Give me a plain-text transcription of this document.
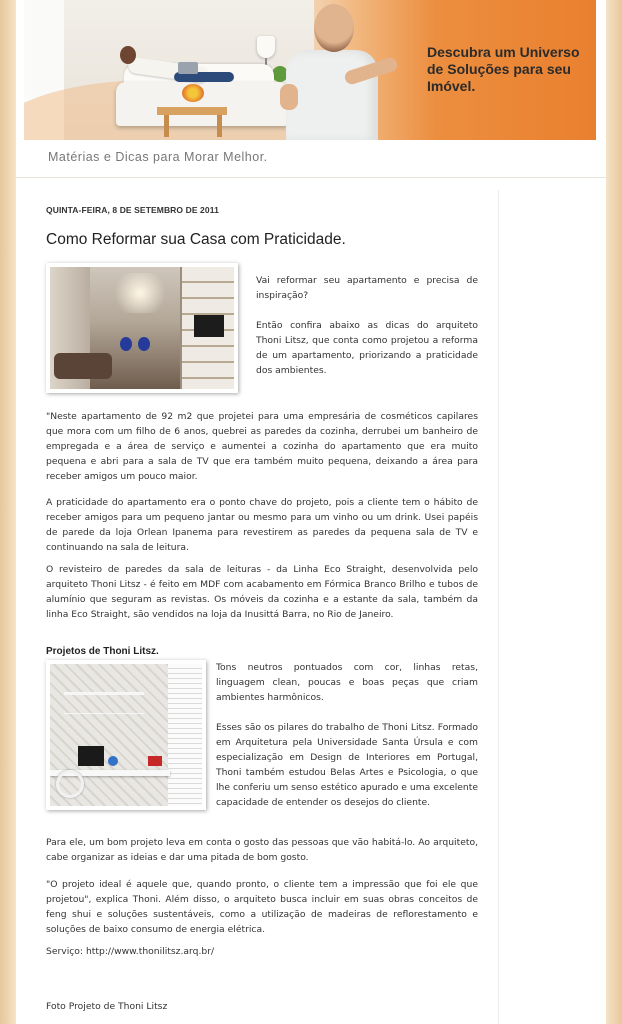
Descubra um Universo
de Soluções para seu
Imóvel.
Matérias e Dicas para Morar Melhor.
QUINTA-FEIRA, 8 DE SETEMBRO DE 2011
Como Reformar sua Casa com Praticidade.

Vai reformar seu apartamento e precisa de inspiração?

Então confira abaixo as dicas do arquiteto Thoni Litsz, que conta como projetou a reforma de um apartamento, priorizando a praticidade dos ambientes.

"Neste apartamento de 92 m2 que projetei para uma empresária de cosméticos capilares que mora com um filho de 6 anos, quebrei as paredes da cozinha, derrubei um banheiro de empregada e a área de serviço e aumentei a cozinha do apartamento que era muito pequena e abri para a sala de TV que era também muito pequena, deixando a área para receber amigos um pouco maior.

A praticidade do apartamento era o ponto chave do projeto, pois a cliente tem o hábito de receber amigos para um pequeno jantar ou mesmo para um vinho ou um drink. Usei papéis de parede da loja Orlean Ipanema para revestirem as paredes da pequena sala de TV e continuando na sala de leitura.

O revisteiro de paredes da sala de leituras - da Linha Eco Straight, desenvolvida pelo arquiteto Thoni Litsz - é feito em MDF com acabamento em Fórmica Branco Brilho e tubos de alumínio que seguram as revistas. Os móveis da cozinha e a estante da sala, também da linha Eco Straight, são vendidos na loja da Inusittá Barra, no Rio de Janeiro.

Projetos de Thoni Litsz.

Tons neutros pontuados com cor, linhas retas, linguagem clean, poucas e boas peças que criam ambientes harmônicos.

Esses são os pilares do trabalho de Thoni Litsz. Formado em Arquitetura pela Universidade Santa Úrsula e com especialização em Design de Interiores em Portugal, Thoni também estudou Belas Artes e Psicologia, o que lhe conferiu um senso estético apurado e uma excelente capacidade de entender os desejos do cliente.

Para ele, um bom projeto leva em conta o gosto das pessoas que vão habitá-lo. Ao arquiteto, cabe organizar as ideias e dar uma pitada de bom gosto.

"O projeto ideal é aquele que, quando pronto, o cliente tem a impressão que foi ele que projetou", explica Thoni. Além disso, o arquiteto busca incluir em suas obras conceitos de feng shui e soluções sustentáveis, como a utilização de madeiras de reflorestamento e soluções de baixo consumo de energia elétrica.

Serviço: http://www.thonilitsz.arq.br/

Foto Projeto de Thoni Litsz
